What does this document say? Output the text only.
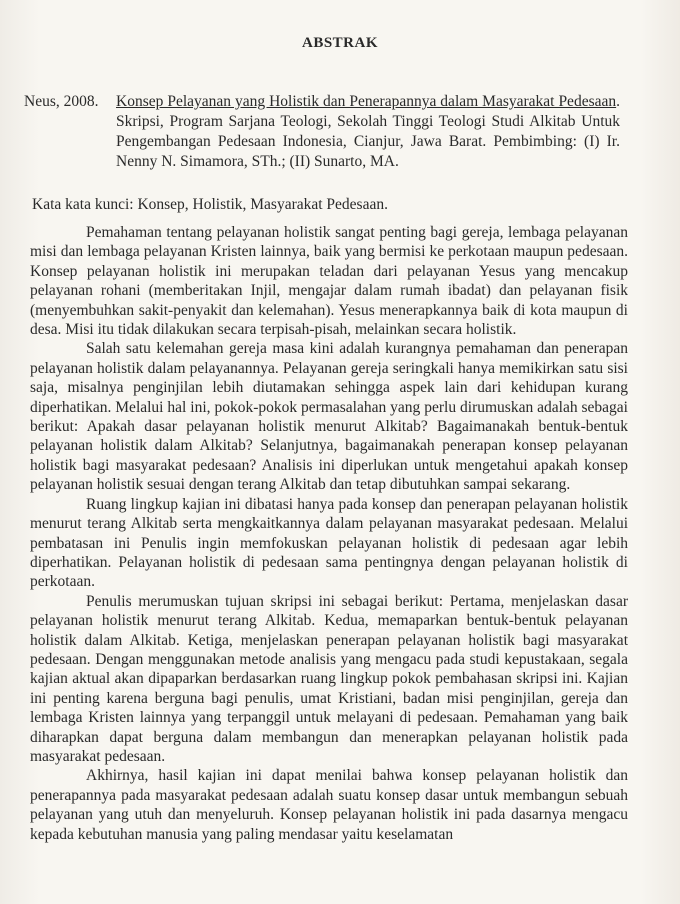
ABSTRAK
Neus, 2008.	Konsep Pelayanan yang Holistik dan Penerapannya dalam Masyarakat Pedesaan. Skripsi, Program Sarjana Teologi, Sekolah Tinggi Teologi Studi Alkitab Untuk Pengembangan Pedesaan Indonesia, Cianjur, Jawa Barat. Pembimbing: (I) Ir. Nenny N. Simamora, STh.; (II) Sunarto, MA.
Kata kata kunci: Konsep, Holistik, Masyarakat Pedesaan.

Pemahaman tentang pelayanan holistik sangat penting bagi gereja, lembaga pelayanan misi dan lembaga pelayanan Kristen lainnya, baik yang bermisi ke perkotaan maupun pedesaan. Konsep pelayanan holistik ini merupakan teladan dari pelayanan Yesus yang mencakup pelayanan rohani (memberitakan Injil, mengajar dalam rumah ibadat) dan pelayanan fisik (menyembuhkan sakit-penyakit dan kelemahan). Yesus menerapkannya baik di kota maupun di desa. Misi itu tidak dilakukan secara terpisah-pisah, melainkan secara holistik.

Salah satu kelemahan gereja masa kini adalah kurangnya pemahaman dan penerapan pelayanan holistik dalam pelayanannya. Pelayanan gereja seringkali hanya memikirkan satu sisi saja, misalnya penginjilan lebih diutamakan sehingga aspek lain dari kehidupan kurang diperhatikan. Melalui hal ini, pokok-pokok permasalahan yang perlu dirumuskan adalah sebagai berikut: Apakah dasar pelayanan holistik menurut Alkitab? Bagaimanakah bentuk-bentuk pelayanan holistik dalam Alkitab? Selanjutnya, bagaimanakah penerapan konsep pelayanan holistik bagi masyarakat pedesaan? Analisis ini diperlukan untuk mengetahui apakah konsep pelayanan holistik sesuai dengan terang Alkitab dan tetap dibutuhkan sampai sekarang.

Ruang lingkup kajian ini dibatasi hanya pada konsep dan penerapan pelayanan holistik menurut terang Alkitab serta mengkaitkannya dalam pelayanan masyarakat pedesaan. Melalui pembatasan ini Penulis ingin memfokuskan pelayanan holistik di pedesaan agar lebih diperhatikan. Pelayanan holistik di pedesaan sama pentingnya dengan pelayanan holistik di perkotaan.

Penulis merumuskan tujuan skripsi ini sebagai berikut: Pertama, menjelaskan dasar pelayanan holistik menurut terang Alkitab. Kedua, memaparkan bentuk-bentuk pelayanan holistik dalam Alkitab. Ketiga, menjelaskan penerapan pelayanan holistik bagi masyarakat pedesaan. Dengan menggunakan metode analisis yang mengacu pada studi kepustakaan, segala kajian aktual akan dipaparkan berdasarkan ruang lingkup pokok pembahasan skripsi ini. Kajian ini penting karena berguna bagi penulis, umat Kristiani, badan misi penginjilan, gereja dan lembaga Kristen lainnya yang terpanggil untuk melayani di pedesaan. Pemahaman yang baik diharapkan dapat berguna dalam membangun dan menerapkan pelayanan holistik pada masyarakat pedesaan.

Akhirnya, hasil kajian ini dapat menilai bahwa konsep pelayanan holistik dan penerapannya pada masyarakat pedesaan adalah suatu konsep dasar untuk membangun sebuah pelayanan yang utuh dan menyeluruh. Konsep pelayanan holistik ini pada dasarnya mengacu kepada kebutuhan manusia yang paling mendasar yaitu keselamatan
